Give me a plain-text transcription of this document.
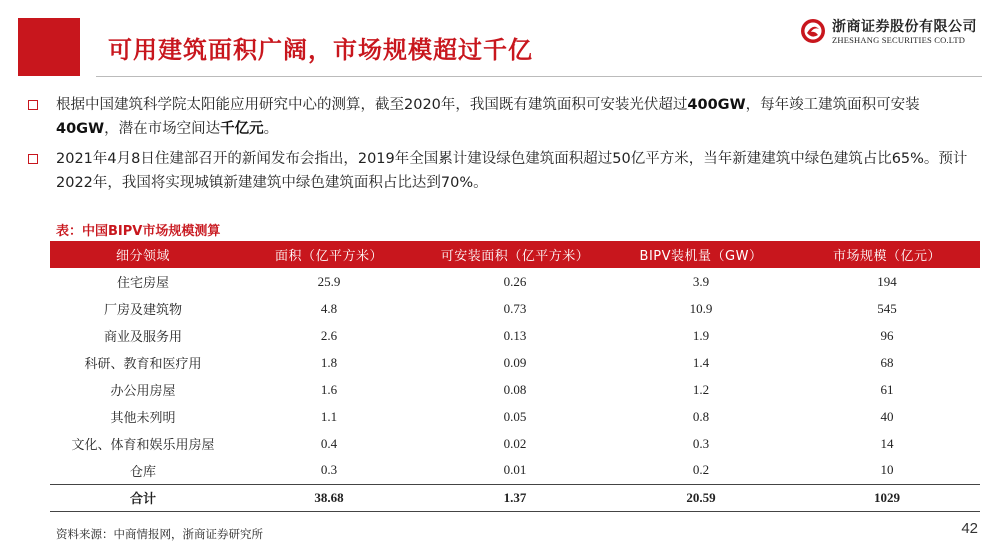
可用建筑面积广阔，市场规模超过千亿
浙商证券股份有限公司
ZHESHANG SECURITIES CO.LTD
根据中国建筑科学院太阳能应用研究中心的测算，截至2020年，我国既有建筑面积可安装光伏超过400GW，每年竣工建筑面积可安装40GW，潜在市场空间达千亿元。
2021年4月8日住建部召开的新闻发布会指出，2019年全国累计建设绿色建筑面积超过50亿平方米，当年新建建筑中绿色建筑占比65%。预计2022年，我国将实现城镇新建建筑中绿色建筑面积占比达到70%。
表：中国BIPV市场规模测算
细分领域	面积（亿平方米）	可安装面积（亿平方米）	BIPV装机量（GW）	市场规模（亿元）
住宅房屋	25.9	0.26	3.9	194
厂房及建筑物	4.8	0.73	10.9	545
商业及服务用	2.6	0.13	1.9	96
科研、教育和医疗用	1.8	0.09	1.4	68
办公用房屋	1.6	0.08	1.2	61
其他未列明	1.1	0.05	0.8	40
文化、体育和娱乐用房屋	0.4	0.02	0.3	14
仓库	0.3	0.01	0.2	10
合计	38.68	1.37	20.59	1029
资料来源：中商情报网，浙商证券研究所	42
